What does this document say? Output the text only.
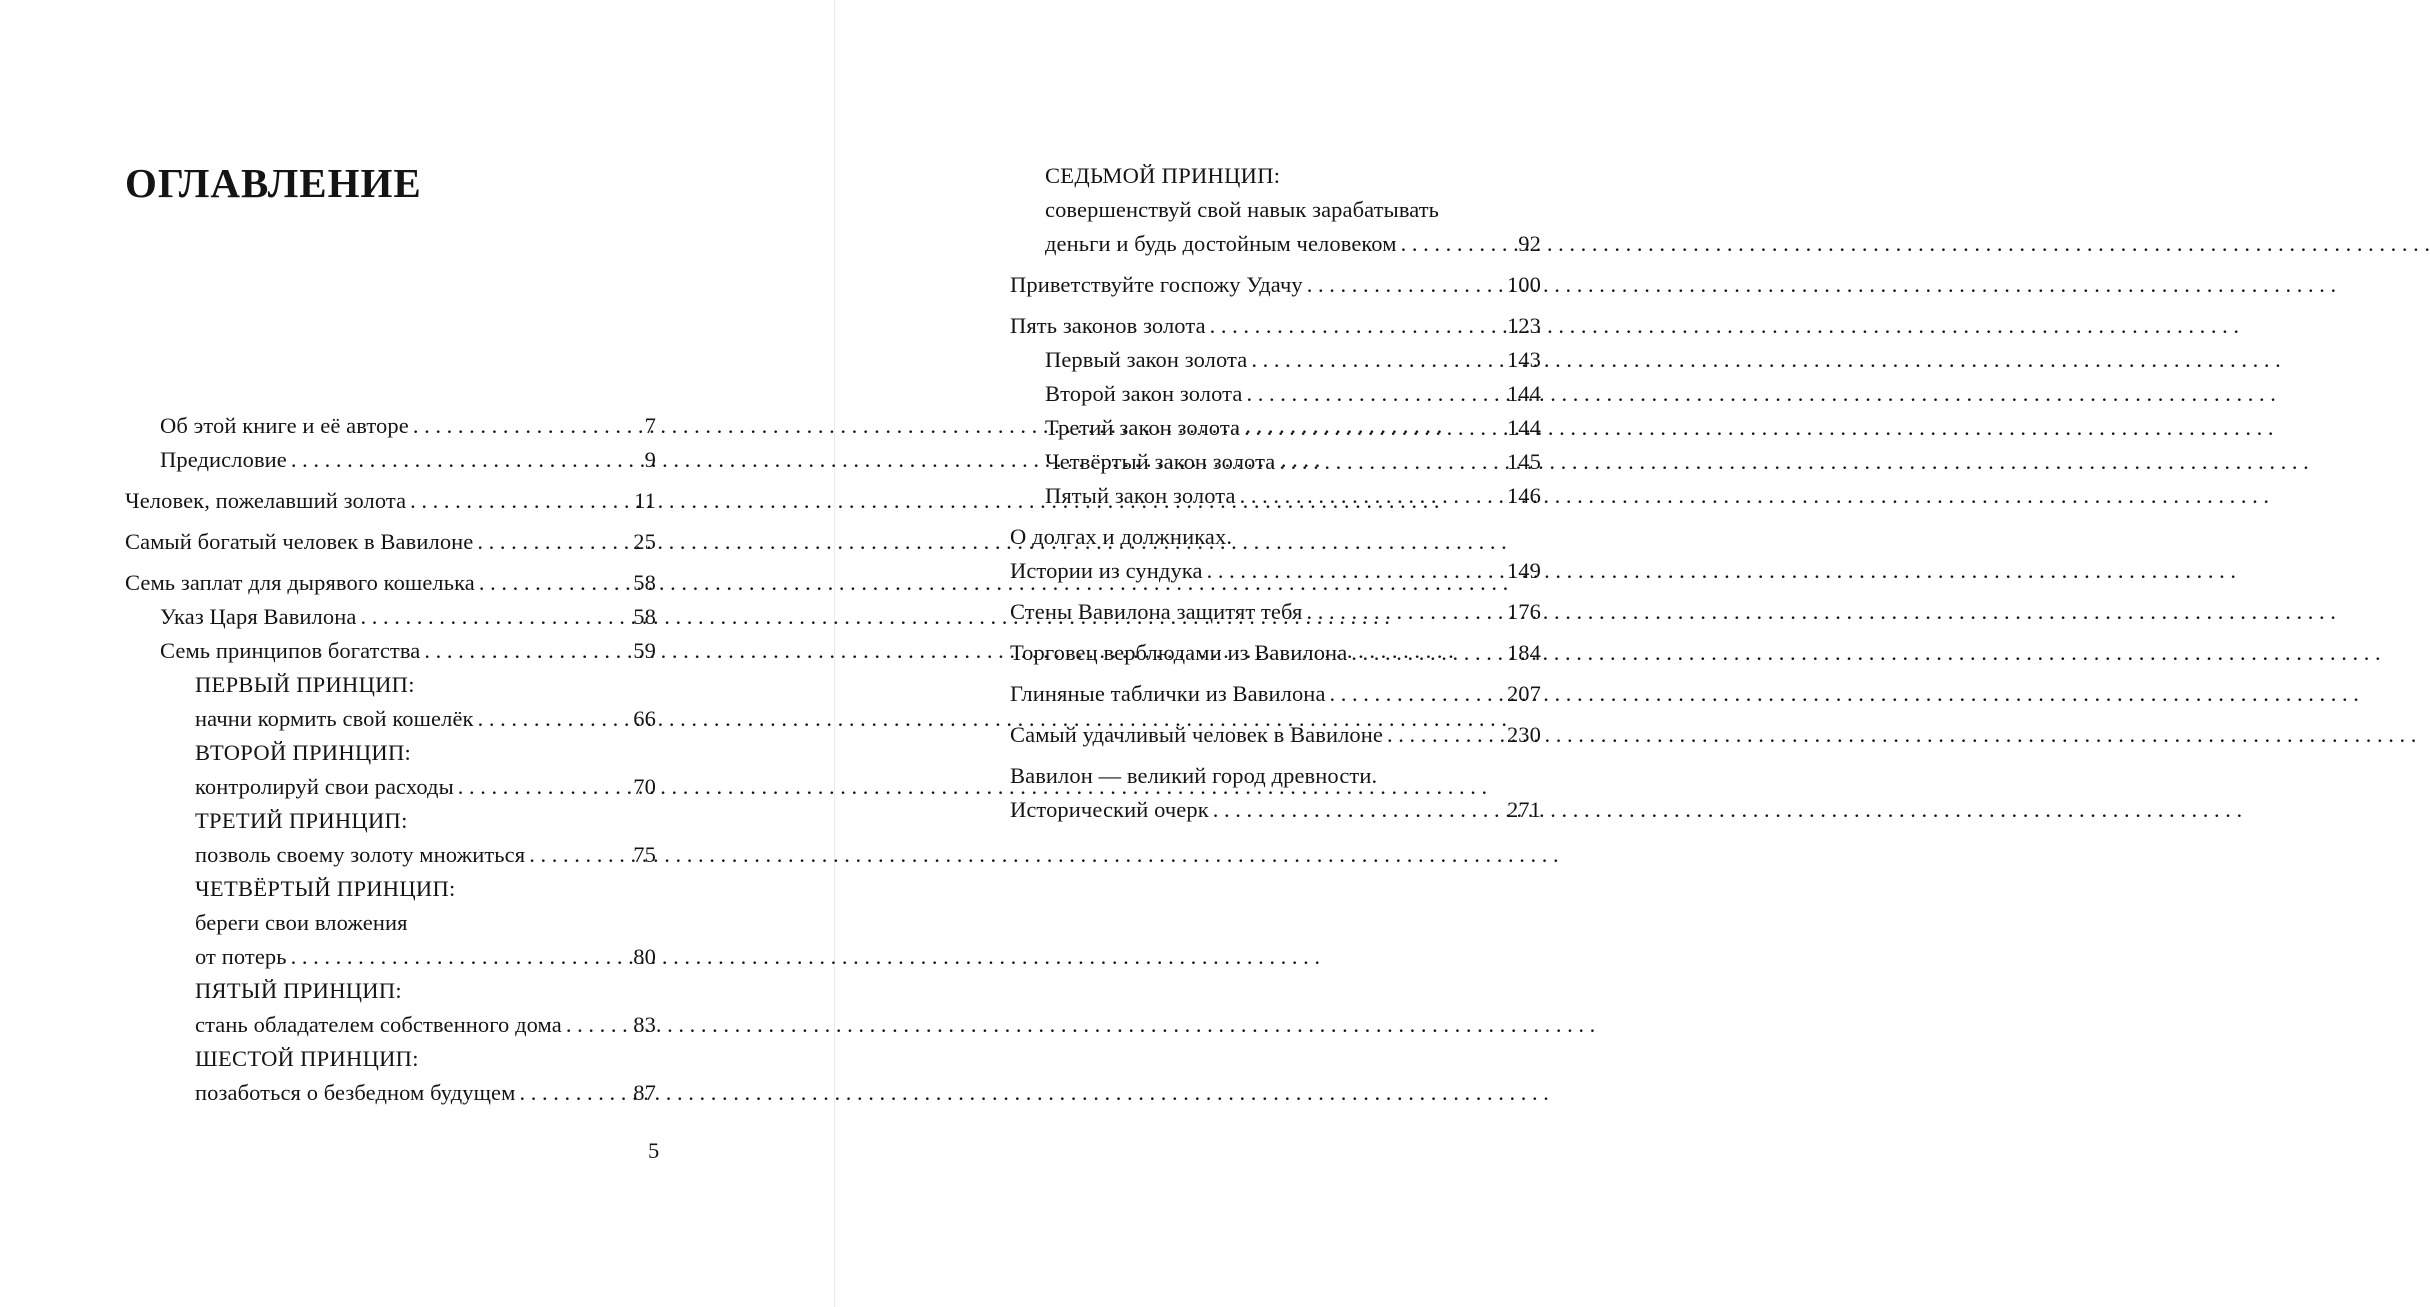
ОГЛАВЛЕНИЕ
Об этой книге и её авторе . . .	7
Предисловие . . .	9
Человек, пожелавший золота . . .	11
Самый богатый человек в Вавилоне . . .	25
Семь заплат для дырявого кошелька . . .	58
Указ Царя Вавилона . . .	58
Семь принципов богатства . . .	59
ПЕРВЫЙ ПРИНЦИП:
начни кормить свой кошелёк . . .	66
ВТОРОЙ ПРИНЦИП:
контролируй свои расходы . . .	70
ТРЕТИЙ ПРИНЦИП:
позволь своему золоту множиться . . .	75
ЧЕТВЁРТЫЙ ПРИНЦИП:
береги свои вложения
от потерь . . .	80
ПЯТЫЙ ПРИНЦИП:
стань обладателем собственного дома . . .	83
ШЕСТОЙ ПРИНЦИП:
позаботься о безбедном будущем . . .	87
5
СЕДЬМОЙ ПРИНЦИП:
совершенствуй свой навык зарабатывать
деньги и будь достойным человеком . . .	92
Приветствуйте госпожу Удачу . . .	100
Пять законов золота . . .	123
Первый закон золота . . .	143
Второй закон золота . . .	144
Третий закон золота . . .	144
Четвёртый закон золота . . .	145
Пятый закон золота . . .	146
О долгах и должниках.
Истории из сундука . . .	149
Стены Вавилона защитят тебя . . .	176
Торговец верблюдами из Вавилона . . .	184
Глиняные таблички из Вавилона . . .	207
Самый удачливый человек в Вавилоне . . .	230
Вавилон — великий город древности.
Исторический очерк . . .	271
